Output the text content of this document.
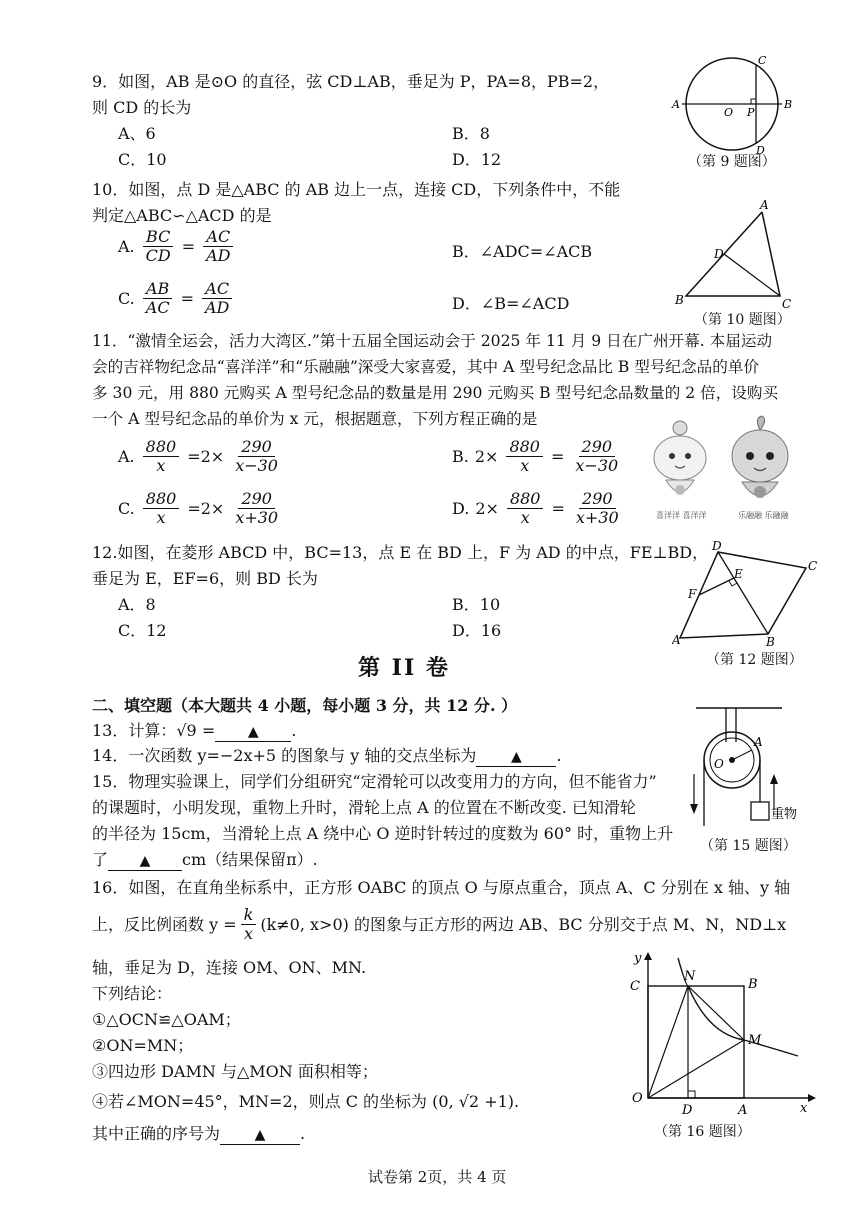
9．如图，AB 是⊙O 的直径，弦 CD⊥AB，垂足为 P，PA=8，PB=2，
则 CD 的长为
A、6	B．8
C．10	D．12
A	B
C
D
O P
（第 9 题图）
10．如图，点 D 是△ABC 的 AB 边上一点，连接 CD，下列条件中，不能
判定△ABC∽△ACD 的是
A. $\frac{BC}{CD} = \frac{AC}{AD}$	B．∠ADC=∠ACB
C. $\frac{AB}{AC} = \frac{AC}{AD}$	D．∠B=∠ACD
A
B	C
D
（第 10 题图）
11．“激情全运会，活力大湾区.”第十五届全国运动会于 2025 年 11 月 9 日在广州开幕. 本届运动
会的吉祥物纪念品“喜洋洋”和“乐融融”深受大家喜爱，其中 A 型号纪念品比 B 型号纪念品的单价
多 30 元，用 880 元购买 A 型号纪念品的数量是用 290 元购买 B 型号纪念品数量的 2 倍，设购买
一个 A 型号纪念品的单价为 x 元，根据题意，下列方程正确的是
A. $\frac{880}{x} =2\times \frac{290}{x-30}$	B. $2\times \frac{880}{x} = \frac{290}{x-30}$
C. $\frac{880}{x} =2\times \frac{290}{x+30}$	D. $2\times \frac{880}{x} = \frac{290}{x+30}$	喜洋洋 喜洋洋	乐融融 乐融融
12.如图，在菱形 ABCD 中，BC=13，点 E 在 BD 上，F 为 AD 的中点，FE⊥BD，
垂足为 E，EF=6，则 BD 长为
A．8	B．10
C．12	D．16
D
C
B
A
E
F
（第 12 题图）
第 II 卷
二、填空题（本大题共 4 小题，每小题 3 分，共 12 分. ）
13．计算：√9 = ▲ .
14．一次函数 y=−2x+5 的图象与 y 轴的交点坐标为 ▲ .
15．物理实验课上，同学们分组研究“定滑轮可以改变用力的方向，但不能省力”
的课题时，小明发现，重物上升时，滑轮上点 A 的位置在不断改变. 已知滑轮
的半径为 15cm，当滑轮上点 A 绕中心 O 逆时针转过的度数为 60° 时，重物上升
了 ▲ cm（结果保留π）.
A
O
重物
（第 15 题图）
16．如图，在直角坐标系中，正方形 OABC 的顶点 O 与原点重合，顶点 A、C 分别在 x 轴、y 轴
上，反比例函数 $y = \frac{k}{x} (k\ne 0$, x>0) 的图象与正方形的两边 AB、BC 分别交于点 M、N，ND⊥x
轴，垂足为 D，连接 OM、ON、MN.
下列结论：
①△OCN≌△OAM；
②ON=MN；
③四边形 DAMN 与△MON 面积相等；
④若∠MON=45°，MN=2，则点 C 的坐标为 (0, √2 +1).
其中正确的序号为 ▲ .
y
x
O
C
N
B
M
D	A
（第 16 题图）
试卷第 2页，共 4 页
